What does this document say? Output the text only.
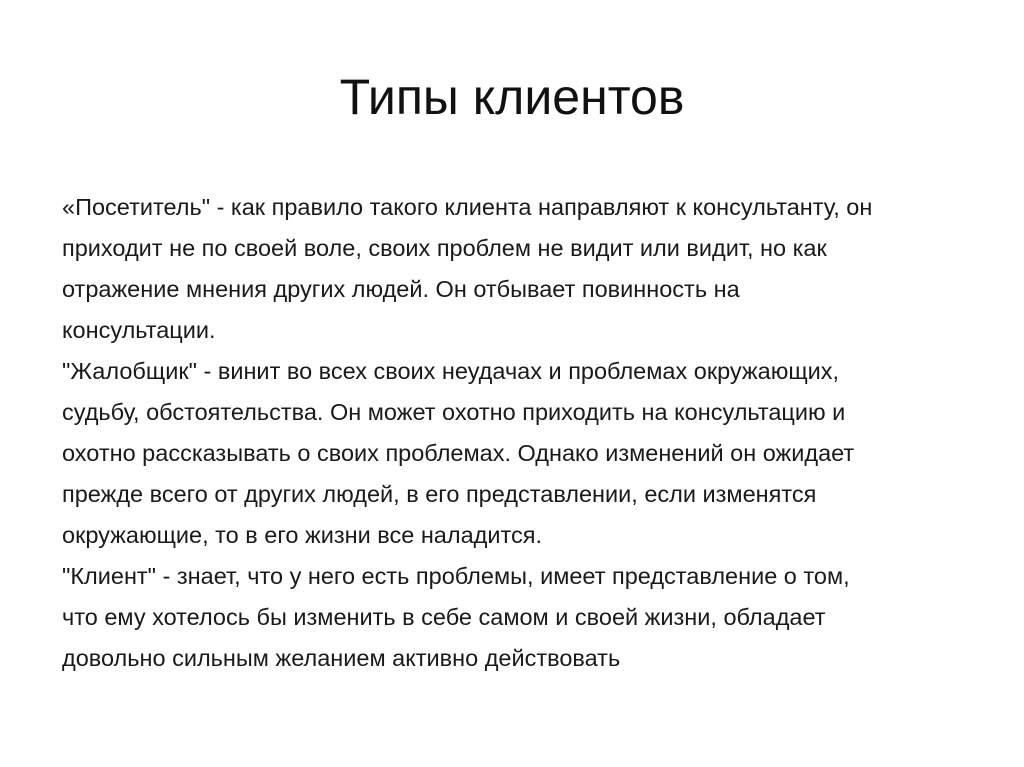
Типы клиентов
«Посетитель" - как правило такого клиента направляют к консультанту, он
приходит не по своей воле, своих проблем не видит или видит, но как
отражение мнения других людей. Он отбывает повинность на
консультации.
"Жалобщик" - винит во всех своих неудачах и проблемах окружающих,
судьбу, обстоятельства. Он может охотно приходить на консультацию и
охотно рассказывать о своих проблемах. Однако изменений он ожидает
прежде всего от других людей, в его представлении, если изменятся
окружающие, то в его жизни все наладится.
"Клиент" - знает, что у него есть проблемы, имеет представление о том,
что ему хотелось бы изменить в себе самом и своей жизни, обладает
довольно сильным желанием активно действовать
